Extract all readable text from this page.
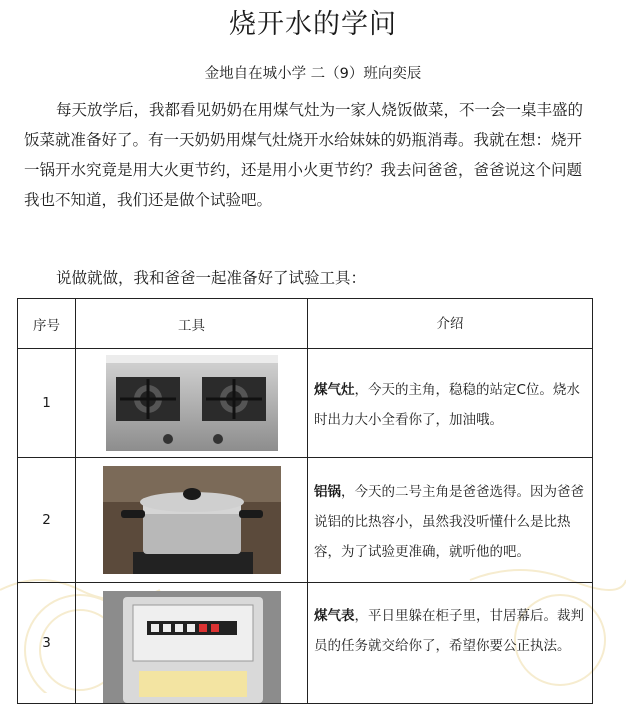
烧开水的学问
金地自在城小学 二（9）班向奕辰

每天放学后，我都看见奶奶在用煤气灶为一家人烧饭做菜，不一会一桌丰盛的饭菜就准备好了。有一天奶奶用煤气灶烧开水给妹妹的奶瓶消毒。我就在想：烧开一锅开水究竟是用大火更节约，还是用小火更节约？我去问爸爸，爸爸说这个问题我也不知道，我们还是做个试验吧。

说做就做，我和爸爸一起准备好了试验工具：

序号	工具	介绍
1		煤气灶，今天的主角，稳稳的站定C位。烧水时出力大小全看你了，加油哦。

2		铝锅，今天的二号主角是爸爸选得。因为爸爸说铝的比热容小，虽然我没听懂什么是比热容，为了试验更准确，就听他的吧。

3		煤气表，平日里躲在柜子里，甘居幕后。裁判员的任务就交给你了，希望你要公正执法。
